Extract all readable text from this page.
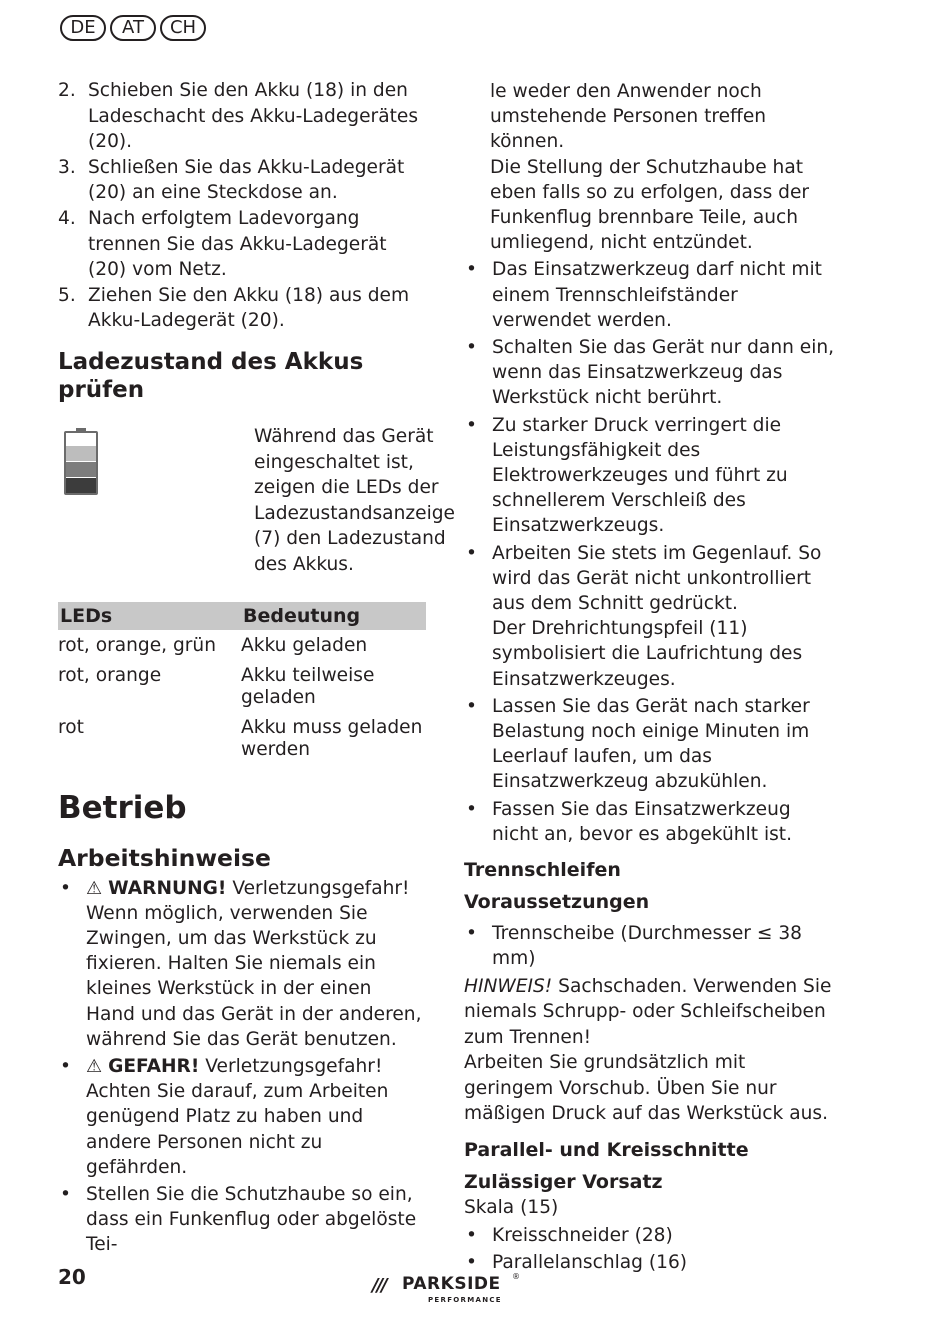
DE	AT	CH
2. Schieben Sie den Akku (18) in den Ladeschacht des Akku-Ladegerätes (20).
3. Schließen Sie das Akku-Ladegerät (20) an eine Steckdose an.
4. Nach erfolgtem Ladevorgang trennen Sie das Akku-Ladegerät (20) vom Netz.
5. Ziehen Sie den Akku (18) aus dem Akku-Ladegerät (20).
Ladezustand des Akkus prüfen
Während das Gerät eingeschaltet ist, zeigen die LEDs der Ladezustandsanzeige (7) den Ladezustand des Akkus.
LEDs	Bedeutung
rot, orange, grün	Akku geladen
rot, orange	Akku teilweise geladen
rot	Akku muss geladen werden
Betrieb
Arbeitshinweise
• ⚠ WARNUNG! Verletzungsgefahr! Wenn möglich, verwenden Sie Zwingen, um das Werkstück zu fixieren. Halten Sie niemals ein kleines Werkstück in der einen Hand und das Gerät in der anderen, während Sie das Gerät benutzen.
• ⚠ GEFAHR! Verletzungsgefahr! Achten Sie darauf, zum Arbeiten genügend Platz zu haben und andere Personen nicht zu gefährden.
• Stellen Sie die Schutzhaube so ein, dass ein Funkenflug oder abgelöste Tei-
le weder den Anwender noch umstehende Personen treffen können.
Die Stellung der Schutzhaube hat eben falls so zu erfolgen, dass der Funkenflug brennbare Teile, auch umliegend, nicht entzündet.
• Das Einsatzwerkzeug darf nicht mit einem Trennschleifständer verwendet werden.
• Schalten Sie das Gerät nur dann ein, wenn das Einsatzwerkzeug das Werkstück nicht berührt.
• Zu starker Druck verringert die Leistungsfähigkeit des Elektrowerkzeuges und führt zu schnellerem Verschleiß des Einsatzwerkzeugs.
• Arbeiten Sie stets im Gegenlauf. So wird das Gerät nicht unkontrolliert aus dem Schnitt gedrückt.
Der Drehrichtungspfeil (11) symbolisiert die Laufrichtung des Einsatzwerkzeuges.
• Lassen Sie das Gerät nach starker Belastung noch einige Minuten im Leerlauf laufen, um das Einsatzwerkzeug abzukühlen.
• Fassen Sie das Einsatzwerkzeug nicht an, bevor es abgekühlt ist.
Trennschleifen
Voraussetzungen
• Trennscheibe (Durchmesser ≤ 38 mm)
HINWEIS! Sachschaden. Verwenden Sie niemals Schrupp- oder Schleifscheiben zum Trennen!
Arbeiten Sie grundsätzlich mit geringem Vorschub. Üben Sie nur mäßigen Druck auf das Werkstück aus.
Parallel- und Kreisschnitte
Zulässiger Vorsatz
Skala (15)
• Kreisschneider (28)
• Parallelanschlag (16)
20	/// PARKSIDE ®
PERFORMANCE
